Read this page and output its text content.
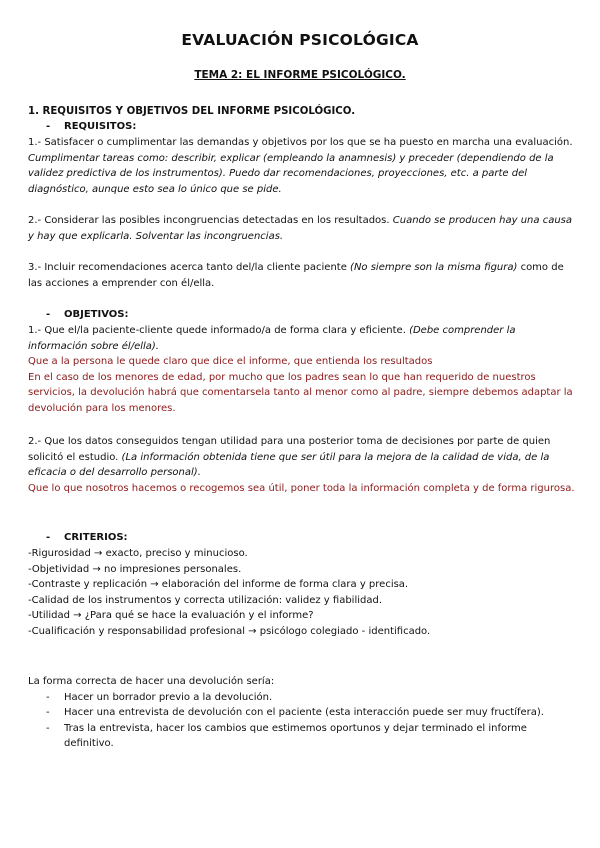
EVALUACIÓN PSICOLÓGICA
TEMA 2: EL INFORME PSICOLÓGICO.
1. REQUISITOS Y OBJETIVOS DEL INFORME PSICOLÓGICO.
- REQUISITOS:

1.- Satisfacer o cumplimentar las demandas y objetivos por los que se ha puesto en marcha una evaluación. Cumplimentar tareas como: describir, explicar (empleando la anamnesis) y preceder (dependiendo de la validez predictiva de los instrumentos). Puedo dar recomendaciones, proyecciones, etc. a parte del diagnóstico, aunque esto sea lo único que se pide.

2.- Considerar las posibles incongruencias detectadas en los resultados. Cuando se producen hay una causa y hay que explicarla. Solventar las incongruencias.

3.- Incluir recomendaciones acerca tanto del/la cliente paciente (No siempre son la misma figura) como de las acciones a emprender con él/ella.

- OBJETIVOS:

1.- Que el/la paciente-cliente quede informado/a de forma clara y eficiente. (Debe comprender la información sobre él/ella).

Que a la persona le quede claro que dice el informe, que entienda los resultados

En el caso de los menores de edad, por mucho que los padres sean lo que han requerido de nuestros servicios, la devolución habrá que comentarsela tanto al menor como al padre, siempre debemos adaptar la devolución para los menores.

2.- Que los datos conseguidos tengan utilidad para una posterior toma de decisiones por parte de quien solicitó el estudio. (La información obtenida tiene que ser útil para la mejora de la calidad de vida, de la eficacia o del desarrollo personal).

Que lo que nosotros hacemos o recogemos sea útil, poner toda la información completa y de forma rigurosa.

- CRITERIOS:

-Rigurosidad → exacto, preciso y minucioso.

-Objetividad → no impresiones personales.

-Contraste y replicación → elaboración del informe de forma clara y precisa.

-Calidad de los instrumentos y correcta utilización: validez y fiabilidad.

-Utilidad → ¿Para qué se hace la evaluación y el informe?

-Cualificación y responsabilidad profesional → psicólogo colegiado - identificado.

La forma correcta de hacer una devolución sería:

- Hacer un borrador previo a la devolución.
- Hacer una entrevista de devolución con el paciente (esta interacción puede ser muy fructífera).
- Tras la entrevista, hacer los cambios que estimemos oportunos y dejar terminado el informe definitivo.
